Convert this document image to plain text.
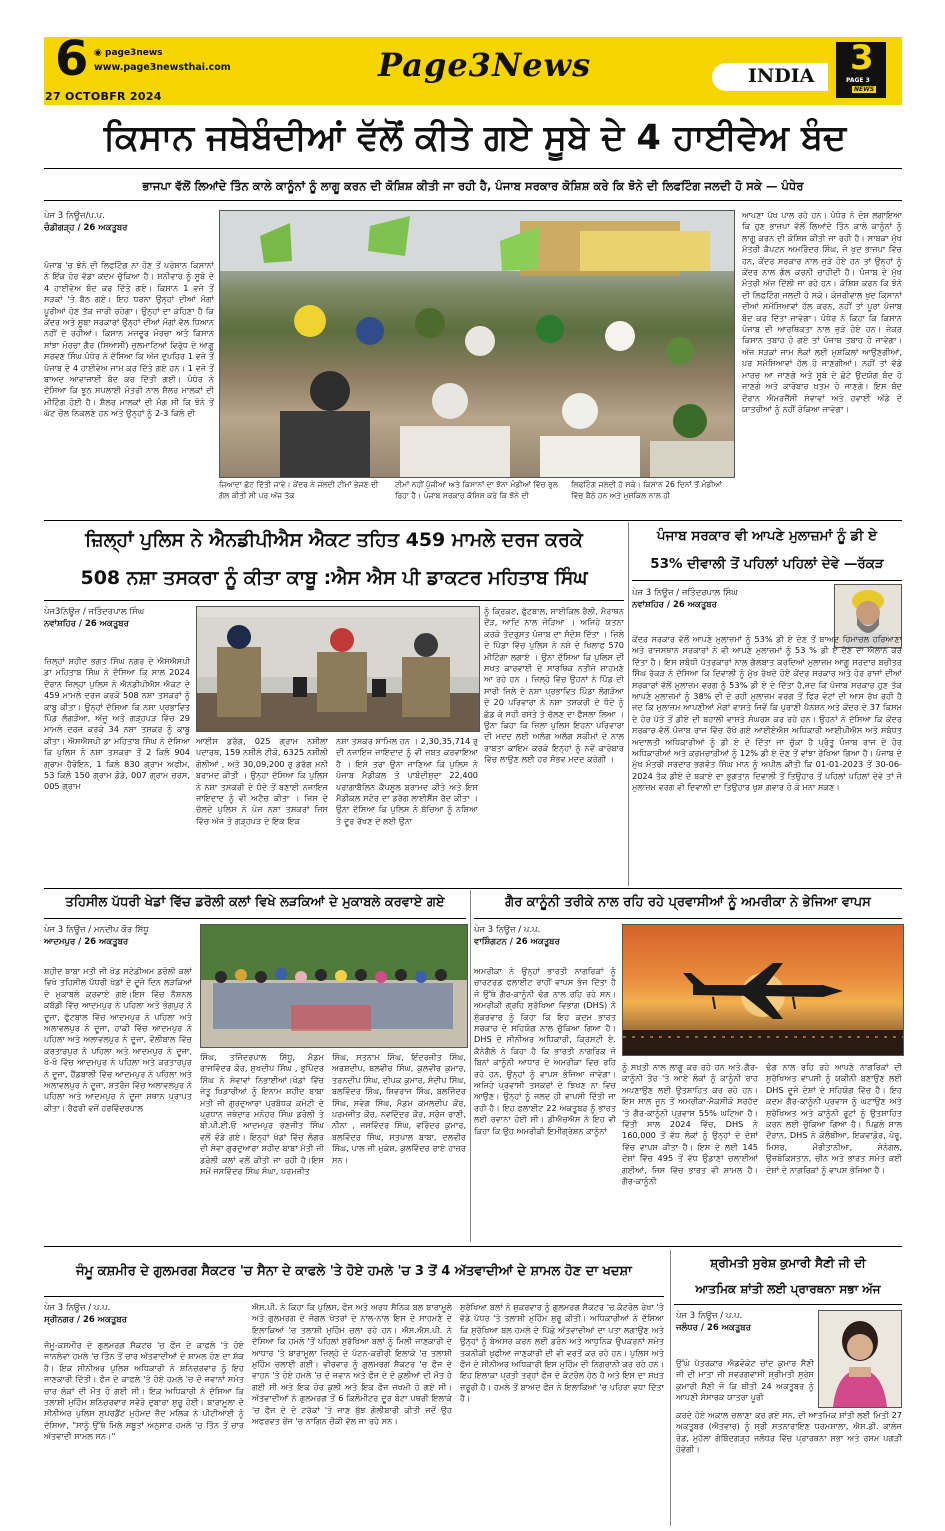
6 ◉ page3news
www.page3newsthai.com
27 OCTOBFR 2024
Page3News	INDIA 3
PAGE 3
NEWS
ਕਿਸਾਨ ਜਥੇਬੰਦੀਆਂ ਵੱਲੋਂ ਕੀਤੇ ਗਏ ਸੂਬੇ ਦੇ 4 ਹਾਈਵੇਅ ਬੰਦ
ਭਾਜਪਾ ਵੱਲੋਂ ਲਿਆਂਦੇ ਤਿੰਨ ਕਾਲੇ ਕਾਨੂੰਨਾਂ ਨੂੰ ਲਾਗੂ ਕਰਨ ਦੀ ਕੋਸ਼ਿਸ਼ ਕੀਤੀ ਜਾ ਰਹੀ ਹੈ, ਪੰਜਾਬ ਸਰਕਾਰ ਕੋਸ਼ਿਸ਼ ਕਰੇ ਕਿ ਝੋਨੇ ਦੀ ਲਿਫਟਿੰਗ ਜਲਦੀ ਹੋ ਸਕੇ — ਪੰਧੇਰ
ਪੇਜ 3 ਨਿਊਜ਼/ਪ.ਪ.
ਚੰਡੀਗੜ੍ਹ / 26 ਅਕਤੂਬਰ
ਪੰਜਾਬ 'ਚ ਝੋਨੇ ਦੀ ਲਿਫਟਿੰਗ ਨਾ ਹੋਣ ਤੋਂ ਪਰੇਸ਼ਾਨ ਕਿਸਾਨਾਂ ਨੇ ਇੱਕ ਹੋਰ ਵੱਡਾ ਕਦਮ ਚੁੱਕਿਆ ਹੈ। ਸ਼ਨੀਵਾਰ ਨੂੰ ਸੂਬੇ ਦੇ 4 ਹਾਈਵੇਅ ਬੰਦ ਕਰ ਦਿੱਤੇ ਗਏ। ਕਿਸਾਨ 1 ਵਜੇ ਤੋਂ ਸੜਕਾਂ 'ਤੇ ਬੈਠ ਗਏ। ਇਹ ਧਰਨਾ ਉਨ੍ਹਾਂ ਦੀਆਂ ਮੰਗਾਂ ਪੂਰੀਆਂ ਹੋਣ ਤੱਕ ਜਾਰੀ ਰਹੇਗਾ। ਉਨ੍ਹਾਂ ਦਾ ਕਹਿਣਾ ਹੈ ਕਿ ਕੇਂਦਰ ਅਤੇ ਸੂਬਾ ਸਰਕਾਰਾਂ ਉਨ੍ਹਾਂ ਦੀਆਂ ਮੰਗਾਂ ਵੱਲ ਧਿਆਨ ਨਹੀਂ ਦੇ ਰਹੀਆਂ। ਕਿਸਾਨ ਮਜ਼ਦੂਰ ਮੋਰਚਾ ਅਤੇ ਕਿਸਾਨ ਸਾਂਝਾ ਮੋਰਚਾ ਗੈਰ (ਸਿਆਸੀ) ਜ਼ੁਲਮਾਟਿਆਂ ਵਿਰੁੱਧ ਦੇ ਆਗੂ ਸਰਵਣ ਸਿੰਘ ਪੰਧੇਰ ਨੇ ਦੱਸਿਆ ਕਿ ਅੱਜ ਦੁਪਹਿਰ 1 ਵਜੇ ਤੋਂ ਪੰਜਾਬ ਦੇ 4 ਹਾਈਵੇਅ ਜਾਮ ਕਰ ਦਿੱਤੇ ਗਏ ਹਨ। 1 ਵਜੇ ਤੋਂ ਬਾਅਦ ਆਵਾਜਾਈ ਬੰਦ ਕਰ ਦਿੱਤੀ ਗਈ। ਪੰਧੇਰ ਨੇ ਦੱਸਿਆ ਕਿ ਝੂਠ ਸਪਲਾਈ ਮੰਤਰੀ ਨਾਲ ਸ਼ੈਲਰ ਮਾਲਕਾਂ ਦੀ ਮੀਟਿੰਗ ਹੋਈ ਹੈ। ਸ਼ੈਲਰ ਮਾਲਕਾਂ ਦੀ ਮੰਗ ਸੀ ਕਿ ਝੋਨੇ ਤੋਂ ਘੱਟ ਚੌਲ ਨਿਕਲਣੇ ਹਨ ਅਤੇ ਉਨ੍ਹਾਂ ਨੂੰ 2-3 ਕਿਲੋ ਦੀ
ਜ਼ਿਆਦਾ ਛੋਟ ਦਿੱਤੀ ਜਾਵੇ। ਕੇਂਦਰ ਨੇ ਜਲਦੀ ਟੀਮਾਂ ਭੇਜਣ ਦੀ ਗੱਲ ਕੀਤੀ ਸੀ ਪਰ ਅੱਜ ਤੱਕ
ਟੀਮਾਂ ਨਹੀਂ ਪੁੱਜੀਆਂ ਅਤੇ ਕਿਸਾਨਾਂ ਦਾ ਝੋਨਾ ਮੰਡੀਆਂ ਵਿੱਚ ਰੁਲ ਰਿਹਾ ਹੈ। ਪੰਜਾਬ ਸਰਕਾਰ ਕੋਸ਼ਿਸ਼ ਕਰੇ ਕਿ ਝੋਨੇ ਦੀ
ਲਿਫਟਿੰਗ ਜਲਦੀ ਹੋ ਸਕੇ। ਕਿਸਾਨ 26 ਦਿਨਾਂ ਤੋਂ ਮੰਡੀਆਂ ਵਿੱਚ ਬੈਠੇ ਹਨ ਅਤੇ ਮੁਸ਼ਕਿਲ ਨਾਲ ਹੀ
ਆਪਣਾ ਪੱਖ ਪਾਲ ਰਹੇ ਹਨ। ਪੰਧੇਰ ਨੇ ਦੋਸ਼ ਲਗਾਇਆ ਕਿ ਹੁਣ ਭਾਜਪਾ ਵੱਲੋਂ ਲਿਆਂਦੇ ਤਿੰਨ ਕਾਲੇ ਕਾਨੂੰਨਾਂ ਨੂੰ ਲਾਗੂ ਕਰਨ ਦੀ ਕੋਸ਼ਿਸ਼ ਕੀਤੀ ਜਾ ਰਹੀ ਹੈ। ਸਾਬਕਾ ਮੁੱਖ ਮੰਤਰੀ ਕੈਪਟਨ ਅਮਰਿੰਦਰ ਸਿੰਘ, ਜੋ ਖੁਦ ਭਾਜਪਾ ਵਿੱਚ ਹਨ, ਕੇਂਦਰ ਸਰਕਾਰ ਨਾਲ ਜੁੜੇ ਹੋਏ ਹਨ ਤਾਂ ਉਨ੍ਹਾਂ ਨੂੰ ਕੇਂਦਰ ਨਾਲ ਗੱਲ ਕਰਨੀ ਚਾਹੀਦੀ ਹੈ। ਪੰਜਾਬ ਦੇ ਮੁੱਖ ਮੰਤਰੀ ਅੱਜ ਦਿੱਲੀ ਜਾ ਰਹੇ ਹਨ। ਕੋਸ਼ਿਸ਼ ਕਰਨ ਕਿ ਝੋਨੇ ਦੀ ਲਿਫਟਿੰਗ ਜਲਦੀ ਹੋ ਸਕੇ। ਕੇਜਰੀਵਾਲ ਖੁਦ ਕਿਸਾਨਾਂ ਦੀਆਂ ਸਮੱਸਿਆਵਾਂ ਹੱਲ ਕਰਨ, ਨਹੀਂ ਤਾਂ ਪੂਰਾ ਪੰਜਾਬ ਬੰਦ ਕਰ ਦਿੱਤਾ ਜਾਵੇਗਾ। ਪੰਧੇਰ ਨੇ ਕਿਹਾ ਕਿ ਕਿਸਾਨ ਪੰਜਾਬ ਦੀ ਆਰਥਿਕਤਾ ਨਾਲ ਜੁੜੇ ਹੋਏ ਹਨ। ਜੇਕਰ ਕਿਸਾਨ ਤਬਾਹ ਹੋ ਗਏ ਤਾਂ ਪੰਜਾਬ ਤਬਾਹ ਹੋ ਜਾਵੇਗਾ। ਅੱਜ ਸੜਕਾਂ ਜਾਮ ਲੋਕਾਂ ਲਈ ਮੁਸ਼ਕਿਲਾਂ ਆਉਣਗੀਆਂ, ਪਰ ਸਮੱਸਿਆਵਾਂ ਹੱਲ ਹੋ ਜਾਣਗੀਆਂ। ਨਹੀਂ ਤਾਂ ਵੱਡੇ ਮਾਰਚ ਆ ਜਾਣਗੇ ਅਤੇ ਸੂਬੇ ਦੇ ਛੋਟੇ ਉਦਯੋਗ ਬੰਦ ਹੋ ਜਾਣਗੇ ਅਤੇ ਕਾਰੋਬਾਰ ਖ਼ਤਮ ਹੋ ਜਾਣਗੇ। ਇਸ ਬੰਦ ਦੌਰਾਨ ਐਮਰਜੈਂਸੀ ਸੇਵਾਵਾਂ ਅਤੇ ਹਵਾਈ ਅੱਡੇ ਦੇ ਯਾਤਰੀਆਂ ਨੂੰ ਨਹੀਂ ਰੋਕਿਆ ਜਾਵੇਗਾ।
ਜ਼ਿਲ੍ਹਾਂ ਪੁਲਿਸ ਨੇ ਐਨਡੀਪੀਐਸ ਐਕਟ ਤਹਿਤ 459 ਮਾਮਲੇ ਦਰਜ ਕਰਕੇ
508 ਨਸ਼ਾ ਤਸਕਰਾ ਨੂੰ ਕੀਤਾ ਕਾਬੂ :ਐਸ ਐਸ ਪੀ ਡਾਕਟਰ ਮਹਿਤਾਬ ਸਿੰਘ
ਪੇਜ3ਨਿਊਜ਼ / ਜਤਿੰਦਰਪਾਲ ਸਿੰਘ
ਨਵਾਂਸ਼ਹਿਰ / 26 ਅਕਤੂਬਰ
ਜ਼ਿਲ੍ਹਾਂ ਸ਼ਹੀਦ ਭਗਤ ਸਿੰਘ ਨਗਰ ਦੇ ਐਸਐਸਪੀ ਡਾ ਮਹਿਤਾਬ ਸਿੰਘ ਨੇ ਦੱਸਿਆ ਕਿ ਸਾਲ 2024 ਦੌਰਾਨ ਜ਼ਿਲ੍ਹਾ ਪੁਲਿਸ ਨੇ ਐਨਡੀਪੀਐਸ ਐਕਟ ਦੇ 459 ਮਾਮਲੇ ਦਰਜ ਕਰਕੇ 508 ਨਸ਼ਾ ਤਸਕਰਾਂ ਨੂੰ ਕਾਬੂ ਕੀਤਾ। ਉਨ੍ਹਾਂ ਦੱਸਿਆ ਕਿ ਨਸ਼ਾ ਪ੍ਰਭਾਵਿਤ ਪਿੰਡ ਲੰਗੜੋਆ, ਅੱਜੂ ਅਤੇ ਗੜ੍ਹਪੜ ਵਿੱਚ 29 ਮਾਮਲੇ ਦਰਜ ਕਰਕੇ 34 ਨਸ਼ਾ ਤਸਕਰ ਨੂੰ ਕਾਬੂ ਕੀਤਾ। ਐਸਐਸਪੀ ਡਾ ਮਹਿਤਾਬ ਸਿੰਘ ਨੇ ਦੱਸਿਆ ਕਿ ਪੁਲਿਸ ਨੇ ਨਸ਼ਾ ਤਸਕਰਾ ਤੋਂ 2 ਕਿਲੋ 904 ਗ੍ਰਾਮ ਹੈਰੋਇਨ, 1 ਕਿਲੋ 830 ਗ੍ਰਾਮ ਅਫੀਮ, 53 ਕਿਲੋ 150 ਗ੍ਰਾਮ ਡੋਡੇ, 007 ਗ੍ਰਾਮ ਚਰਸ, 005 ਗ੍ਰਾਮ
ਆਈਸ ਡਰੱਗ, 025 ਗ੍ਰਾਮ ਨਸ਼ੀਲਾ ਪਦਾਰਥ, 159 ਨਸ਼ੀਲੇ ਟੀਕੇ, 6325 ਨਸ਼ੀਲੀ ਗੋਲੀਆਂ , ਅਤੇ 30,09,200 ਰੁ ਡਰੱਗ ਮਨੀ ਬਰਾਮਦ ਕੀਤੀ । ਉਨ੍ਹਾ ਦੱਸਿਆ ਕਿ ਪੁਲਿਸ ਨੇ ਨਸ਼ਾ ਤਸਕਰੀ ਦੇ ਧੰਦੇ ਤੋਂ ਬਣਾਈ ਨਜਾਇਜ ਜਾਇਦਾਦ ਨੂੰ ਵੀ ਅਟੈਚ ਕੀਤਾ । ਜਿਸ ਦੇ ਚੱਲਦੇ ਪੁਲਿਸ ਨੇ ਪੇਜ ਨਸ਼ਾ ਤਸਕਰਾਂ ਜਿਸ ਵਿੱਚ ਅੱਜ ਤੋ ਗੜ੍ਹਪੜ ਦੇ ਇਕ ਇਕ
ਨਸ਼ਾ ਤਸਕਰ ਸ਼ਾਮਿਲ ਹਨ । 2,30,35,714 ਰੁ ਦੀ ਨਜਾਇਜ ਜਾਇਦਾਦ ਨੂੰ ਵੀ ਜ਼ਬਤ ਕਰਵਾਇਆ ਹੈ । ਇਸੇ ਤਰਾ ਉਨਾ ਜਾਣਿਆ ਕਿ ਪੁਲਿਸ ਨੇ ਪੰਜਾਬ ਮੈਡੀਕਲ ਤੋ ਪਾਬੰਦੀਸ਼ੁਦਾ 22,400 ਪਰਾਗਾਬੈਲਿਨ ਕੈਪਸੂਲ ਬਰਾਮਦ ਕੀਤੇ ਅਤੇ ਇਸ ਮੈਡੀਕਲ ਸਟੋਰ ਦਾ ਡਰੱਗ ਲਾਈਸੈਂਸ ਰੱਦ ਕੀਤਾ । ਉਨਾ ਦੱਸਿਆ ਕਿ ਪੁਲਿਸ ਨੇ ਬੱਚਿਆ ਨੂੰ ਨਸ਼ਿਆ ਤੋ ਦੂਰ ਰੱਖਣ ਦੇ ਲਈ ਉਨਾ
ਨੂੰ ਕ੍ਰਿਕਟ, ਫੁੱਟਬਾਲ, ਸਾਈਕਿਲ ਰੈਲੀ, ਮੈਰਾਥਨ ਦੌੜ, ਆਦਿ ਨਾਲ ਜੋੜਿਆ । ਅਜਿਹੇ ਯਤਨਾ ਕਰਕੇ ਤੰਦਰੁਸਤ ਪੰਜਾਬ ਦਾ ਸੰਦੇਸ਼ ਦਿੱਤਾ । ਜ਼ਿਲੇ ਦੇ ਪਿੰਡਾ ਵਿੱਚ ਪੁਲਿਸ ਨੇ ਨਸ਼ੇ ਦੇ ਖਿਲਾਫ 570 ਮੀਟਿੰਗਾ ਲਗਾਏ । ਉਨਾ ਦੱਸਿਆ ਕਿ ਪੁਲਿਸ ਦੀ ਸਖਤ ਕਾਰਵਾਈ ਦੇ ਸਾਰਥਿਕ ਨਤੀਜੇ ਸਾਹਮਣੇ ਆ ਰਹੇ ਹਨ । ਜ਼ਿਲ੍ਹੇ ਵਿੱਚ ਉਹਨਾਂ ਨੇ ਪਿੰਡ ਦੀ ਸਾਰੀ ਜ਼ਿਲੇ ਦੇ ਨਸ਼ਾ ਪ੍ਰਭਾਵਿਤ ਪਿੰਡਾ ਲੰਗੜੋਆ ਦੇ 20 ਪਰਿਵਾਰਾ ਨੇ ਨਸ਼ਾ ਤਸਕਰੀ ਦੇ ਧੰਦੇ ਨੂੰ ਛੱਡ ਕੇ ਸਹੀ ਰਸਤੇ ਤੇ ਚੱਲਣ ਦਾ ਫੈਸਲਾ ਲਿਆ । ਉਨਾ ਕਿਹਾ ਕਿ ਜ਼ਿਲਾ ਪੁਲਿਸ ਇਹਨਾ ਪਰਿਵਾਰਾ ਦੀ ਮਦਦ ਲਈ ਅਲੱਗ ਅਲੱਗ ਸਕੀਮਾਂ ਦੇ ਨਾਲ ਰਾਬਤਾ ਕਾਇਮ ਕਰਕੇ ਇਨ੍ਹਾਂ ਨੂੰ ਨਵੇਂ ਕਾਰੋਬਾਰ ਵਿੱਚ ਲਾਉਣ ਲਈ ਹਰ ਸੰਭਵ ਮਦਦ ਕਰੇਗੀ ।
ਪੰਜਾਬ ਸਰਕਾਰ ਵੀ ਆਪਣੇ ਮੁਲਾਜ਼ਮਾਂ ਨੂੰ ਡੀ ਏ
53% ਦੀਵਾਲੀ ਤੋਂ ਪਹਿਲਾਂ ਪਹਿਲਾਂ ਦੇਵੇ —ਰੱਕੜ
ਪੇਜ 3 ਨਿਊਜ਼ / ਜਤਿੰਦਰਪਾਲ ਸਿੰਘ
ਨਵਾਂਸ਼ਹਿਰ / 26 ਅਕਤੂਬਰ
ਕੇਂਦਰ ਸਰਕਾਰ ਵੱਲੋਂ ਆਪਣੇ ਮੁਲਾਜ਼ਮਾਂ ਨੂੰ 53% ਡੀ ਏ ਦੇਣ ਤੋਂ ਬਾਅਦ ਹਿਮਾਚਲ ਹਰਿਆਣਾ ਅਤੇ ਰਾਜਸਥਾਨ ਸਰਕਾਰਾਂ ਨੇ ਵੀ ਆਪਣੇ ਮੁਲਾਜ਼ਮਾਂ ਨੂੰ 53 % ਡੀ ਏ ਦੇਣ ਦਾ ਐਲਾਨ ਕਰ ਦਿੱਤਾ ਹੈ। ਇਸ ਸਬੰਧੀ ਪੱਤਰਕਾਰਾਂ ਨਾਲ ਗੱਲਬਾਤ ਕਰਦਿਆਂ ਮੁਲਾਜ਼ਮ ਆਗੂ ਸਰਦਾਰ ਬਚੀਤਰ ਸਿੰਘ ਰੱਕੜ ਨੇ ਦੱਸਿਆ ਕਿ ਦਿਵਾਲੀ ਨੂੰ ਮੁੱਖ ਰੱਖਦੇ ਹੋਏ ਕੇਂਦਰ ਸਰਕਾਰ ਅਤੇ ਹੋਰ ਰਾਜਾਂ ਦੀਆਂ ਸਰਕਾਰਾਂ ਵੱਲੋਂ ਮੁਲਾਜ਼ਮ ਵਰਗ ਨੂੰ 53% ਡੀ ਏ ਦੇ ਦਿੱਤਾ ਹੈ,ਜਦ ਕਿ ਪੰਜਾਬ ਸਰਕਾਰ ਹੁਣ ਤੱਕ ਆਪਣੇ ਮੁਲਾਜ਼ਮਾਂ ਨੂੰ 38% ਦੀ ਦੇ ਰਹੀ ਮੁਲਾਜ਼ਮ ਵਰਗ ਤੋਂ ਫਿਰ ਵੋਟਾਂ ਦੀ ਆਸ ਰੱਖ ਰਹੀ ਹੈ ਜਦ ਕਿ ਮੁਲਾਜ਼ਮ ਆਪਣੀਆਂ ਮੰਗਾਂ ਵਾਸਤੇ ਜਿਵੇਂ ਕਿ ਪੁਰਾਣੀ ਪੈਨਸ਼ਨ ਅਤੇ ਕੇਂਦਰ ਦੇ 37 ਕਿਸਮ ਦੇ ਹੋਰ ਪੱਤੇ ਤੋਂ ਡੀਏ ਦੀ ਬਹਾਲੀ ਵਾਸਤੇ ਸੰਘਰਸ਼ ਕਰ ਰਹੇ ਹਨ। ਉਹਨਾਂ ਨੇ ਦੱਸਿਆ ਕਿ ਕੇਂਦਰ ਸਰਕਾਰ ਵੱਲੋਂ ਪੰਜਾਬ ਰਾਜ ਵਿੱਚ ਰੱਖੇ ਗਏ ਆਈਏਐਸ ਅਧਿਕਾਰੀ ਆਈਪੀਐਸ ਅਤੇ ਸਬੰਧਤ ਅਦਾਲਤੀ ਅਧਿਕਾਰੀਆਂ ਨੂੰ ਡੀ ਏ ਦੇ ਦਿੱਤਾ ਜਾ ਚੁੱਕਾ ਹੈ ਪ੍ਰੰਤੂ ਪੰਜਾਬ ਰਾਜ ਦੇ ਹੋਰ ਅਧਿਕਾਰੀਆਂ ਅਤੇ ਕਰਮਚਾਰੀਆਂ ਨੂੰ 12% ਡੀ ਏ ਦੇਣ ਤੋਂ ਵਾਂਝਾ ਰੱਖਿਆ ਗਿਆ ਹੈ। ਪੰਜਾਬ ਦੇ ਮੁੱਖ ਮੰਤਰੀ ਸਰਦਾਰ ਭਗਵੰਤ ਸਿੰਘ ਮਾਨ ਨੂੰ ਅਪੀਲ ਕੀਤੀ ਕਿ 01-01-2023 ਤੋਂ 30-06-2024 ਤੱਕ ਡੀਏ ਦੇ ਬਕਾਏ ਦਾ ਭੁਗਤਾਨ ਦਿਵਾਲੀ ਤੋਂ ਤਿਉਹਾਰ ਤੋਂ ਪਹਿਲਾਂ ਪਹਿਲਾਂ ਦੇਵੇ ਤਾਂ ਜੋ ਮੁਲਾਜ਼ਮ ਵਰਗ ਵੀ ਦਿਵਾਲੀ ਦਾ ਤਿਉਹਾਰ ਖੁਸ਼ ਗਵਾਰ ਹੋ ਕੇ ਮਨਾ ਸਕਣ।
ਤਹਿਸੀਲ ਪੱਧਰੀ ਖੇਡਾਂ ਵਿੱਚ ਡਰੋਲੀ ਕਲਾਂ ਵਿਖੇ ਲੜਕਿਆਂ ਦੇ ਮੁਕਾਬਲੇ ਕਰਵਾਏ ਗਏ
ਪੇਜ 3 ਨਿਊਜ਼ / ਮਨਦੀਪ ਕੌਰ ਸਿੱਧੂ
ਆਦਮਪੁਰ / 26 ਅਕਤੂਬਰ
ਸ਼ਹੀਦ ਬਾਬਾ ਮਤੀ ਜੀ ਖੇਡ ਸਟੇਡੀਅਮ ਡਰੋਲੀ ਕਲਾਂ ਵਿਖੇ ਤਹਿਸੀਲ ਪੱਧਰੀ ਖੇਡਾਂ ਦੇ ਦੂਜੇ ਦਿਨ ਲੜਕਿਆਂ ਦੇ ਮੁਕਾਬਲੇ ਕਰਵਾਏ ਗਏ।ਇਸ ਵਿੱਚ ਨੈਸ਼ਨਲ ਕਬੱਡੀ ਵਿੱਚ ਆਦਮਪੁਰ ਨੇ ਪਹਿਲਾ ਅਤੇ ਭੋਗਪੁਰ ਨੇ ਦੂਜਾ, ਫੁੱਟਬਾਲ ਵਿੱਚ ਆਦਮਪੁਰ ਨੇ ਪਹਿਲਾ ਅਤੇ ਅਲਾਵਲਪੁਰ ਨੇ ਦੂਜਾ, ਹਾਕੀ ਵਿੱਚ ਆਦਮਪੁਰ ਨੇ ਪਹਿਲਾ ਅਤੇ ਅਲਾਵਲਪੁਰ ਨੇ ਦੂਜਾ, ਵੌਲੀਬਾਲ ਵਿੱਚ ਕਰਤਾਰਪੁਰ ਨੇ ਪਹਿਲਾ ਅਤੇ ਆਦਮਪੁਰ ਨੇ ਦੂਜਾ, ਖੋ-ਖੋ ਵਿੱਚ ਆਦਮਪੁਰ ਨੇ ਪਹਿਲਾ ਅਤੇ ਕਰਤਾਰਪੁਰ ਨੇ ਦੂਜਾ, ਹੈਂਡਬਾਲੀ ਵਿੱਚ ਆਦਮਪੁਰ ਨੇ ਪਹਿਲਾ ਅਤੇ ਅਲਾਵਲਪੁਰ ਨੇ ਦੂਜਾ, ਸ਼ਤਰੰਜ ਵਿੱਚ ਅਲਾਵਲਪੁਰ ਨੇ ਪਹਿਲਾ ਅਤੇ ਆਦਮਪੁਰ ਨੇ ਦੂਜਾ ਸਥਾਨ ਪ੍ਰਾਪਤ ਕੀਤਾ। ਰੈਫਰੀ ਵਜੋਂ ਹਰਵਿੰਦਰਪਾਲ
ਸਿੰਘ, ਤਜਿੰਦਰਪਾਲ ਸਿੱਧੂ, ਮੈਡਮ ਰਾਜਵਿੰਦਰ ਕੌਰ, ਸੁਖਦੀਪ ਸਿੰਘ , ਭੁਪਿੰਦਰ ਸਿੰਘ ਨੇ ਸੇਵਾਵਾਂ ਨਿਭਾਈਆਂ।ਖੇਡਾਂ ਵਿੱਚ ਜੇਤੂ ਖਿਡਾਰੀਆਂ ਨੂੰ ਇਨਾਮ ਸ਼ਹੀਦ ਬਾਬਾ ਮਤੀ ਜੀ ਗੁਰਦੁਆਰਾ ਪ੍ਰਬੰਧਕ ਕਮੇਟੀ ਦੇ ਪ੍ਰਧਾਨ ਜਥੇਦਾਰ ਮਨੋਹਰ ਸਿੰਘ ਡਰੋਲੀ ਤੇ ਬੀ.ਪੀ.ਈ.ਓ ਆਦਮਪੁਰ ਰਣਜੀਤ ਸਿੰਘ ਵਲੋਂ ਵੰਡੇ ਗਏ। ਇਨ੍ਹਾਂ ਖੇਡਾਂ ਵਿੱਚ ਲੰਗਰ ਦੀ ਸੇਵਾ ਗੁਰਦੁਆਰਾ ਸ਼ਹੀਦ ਬਾਬਾ ਮੱਤੀ ਜੀ ਡਰੋਲੀ ਕਲਾਂ ਵਲੋਂ ਕੀਤੀ ਜਾ ਰਹੀ ਹੈ।ਇਸ ਸਮੇਂ ਜਸਵਿੰਦਰ ਸਿੰਘ ਸੰਘਾ, ਪਰਮਜੀਤ
ਸਿੰਘ, ਸਤਨਾਮ ਸਿੰਘ, ਇੰਦਰਜੀਤ ਸਿੰਘ, ਅਰਸ਼ਦੀਪ, ਬਲਵੀਰ ਸਿੰਘ, ਕੁਲਵੀਰ ਕੁਮਾਰ, ਤਰਨਦੀਪ ਸਿੰਘ, ਦੀਪਕ ਕੁਮਾਰ, ਸੰਦੀਪ ਸਿੰਘ, ਬਲਵਿੰਦਰ ਸਿੰਘ, ਸ਼ਿਵਰਾਜ ਸਿੰਘ, ਬਲਜਿੰਦਰ ਸਿੰਘ, ਸਵੇਗ ਸਿੰਘ, ਮੈਡਮ ਕਮਲਦੀਪ ਕੌਰ, ਪਰਮਜੀਤ ਕੌਰ, ਨਵਦਿੰਦਰ ਕੌਰ, ਸਰੋਜ ਰਾਣੀ, ਨੀਨਾ , ਜਸਵਿੰਦਰ ਸਿੰਘ, ਵਰਿੰਦਰ ਕੁਮਾਰ, ਬਲਵਿੰਦਰ ਸਿੰਘ, ਸਤਪਾਲ ਬਾਬਾ, ਦਲਵੀਰ ਸਿੰਘ, ਪਾਲ ਜੀ ਮੁਕੇਸ਼, ਕੁਲਵਿੰਦਰ ਰਾਏ ਹਾਜ਼ਰ ਸਨ।
ਗੈਰ ਕਾਨੂੰਨੀ ਤਰੀਕੇ ਨਾਲ ਰਹਿ ਰਹੇ ਪ੍ਰਵਾਸੀਆਂ ਨੂੰ ਅਮਰੀਕਾ ਨੇ ਭੇਜਿਆ ਵਾਪਸ
ਪੇਜ 3 ਨਿਊਜ਼ / ਪ.ਪ.
ਵਾਸ਼ਿੰਗਟਨ / 26 ਅਕਤੂਬਰ
ਅਮਰੀਕਾ ਨੇ ਉਨ੍ਹਾਂ ਭਾਰਤੀ ਨਾਗਰਿਕਾਂ ਨੂੰ ਚਾਰਟਰਡ ਫਲਾਈਟ ਰਾਹੀਂ ਵਾਪਸ ਭੇਜ ਦਿੱਤਾ ਹੈ ਜੋ ਉੱਥੇ ਗੈਰ-ਕਾਨੂੰਨੀ ਢੰਗ ਨਾਲ ਰਹਿ ਰਹੇ ਸਨ। ਅਮਰੀਕੀ ਗ੍ਰਹਿ ਸੁਰੱਖਿਆ ਵਿਭਾਗ (DHS) ਨੇ ਸ਼ੁੱਕਰਵਾਰ ਨੂੰ ਕਿਹਾ ਕਿ ਇਹ ਕਦਮ ਭਾਰਤ ਸਰਕਾਰ ਦੇ ਸਹਿਯੋਗ ਨਾਲ ਚੁੱਕਿਆ ਗਿਆ ਹੈ। DHS ਦੇ ਸੀਨੀਅਰ ਅਧਿਕਾਰੀ, ਕ੍ਰਿਸਟੀ ਏ. ਕੈਨੇਗੈਲੋ ਨੇ ਕਿਹਾ ਹੈ ਕਿ ਭਾਰਤੀ ਨਾਗਰਿਕ ਜੋ ਬਿਨਾਂ ਕਾਨੂੰਨੀ ਆਧਾਰ ਦੇ ਅਮਰੀਕਾ ਵਿਚ ਰਹਿ ਰਹੇ ਹਨ, ਉਨ੍ਹਾਂ ਨੂੰ ਵਾਪਸ ਭੇਜਿਆ ਜਾਵੇਗਾ। ਅਜਿਹੇ ਪ੍ਰਵਾਸੀ ਤਸਕਰਾਂ ਦੇ ਝਿਖਣ ਨਾ ਵਿਚ ਆਉਣ। ਉਨ੍ਹਾਂ ਨੂੰ ਜਲਦ ਹੀ ਵਾਪਸੀ ਦਿੱਤੀ ਜਾ ਰਹੀ ਹੈ। ਇਹ ਫਲਾਈਟ 22 ਅਕਤੂਬਰ ਨੂੰ ਭਾਰਤ ਲਈ ਰਵਾਨਾ ਹੋਈ ਸੀ। ਡੀਐਚਐਸ ਨੇ ਇਹ ਵੀ ਕਿਹਾ ਕਿ ਉਹ ਅਮਰੀਕੀ ਇਮੀਗ੍ਰੇਸ਼ਨ ਕਾਨੂੰਨਾਂ
ਨੂੰ ਸਖ਼ਤੀ ਨਾਲ ਲਾਗੂ ਕਰ ਰਹੇ ਹਨ ਅਤੇ ਗੈਰ-ਕਾਨੂੰਨੀ ਤੌਰ 'ਤੇ ਆਏ ਲੋਕਾਂ ਨੂੰ ਕਾਨੂੰਨੀ ਰਾਹ ਅਪਣਾਉਣ ਲਈ ਉਤਸ਼ਾਹਿਤ ਕਰ ਰਹੇ ਹਨ। ਇਸ ਸਾਲ ਜੂਨ ਤੋਂ ਅਮਰੀਕਾ-ਮੈਕਸੀਕੋ ਸਰਹੱਦ 'ਤੇ ਗੈਰ-ਕਾਨੂੰਨੀ ਪ੍ਰਵਾਸ 55% ਘਟਿਆ ਹੈ। ਵਿੱਤੀ ਸਾਲ 2024 ਵਿੱਚ, DHS ਨੇ 160,000 ਤੋਂ ਵੱਧ ਲੋਕਾਂ ਨੂੰ ਉਨ੍ਹਾਂ ਦੇ ਦੇਸ਼ਾਂ ਵਿੱਚ ਵਾਪਸ ਕੀਤਾ ਹੈ। ਇਸ ਦੇ ਲਈ 145 ਦੇਸ਼ਾਂ ਵਿੱਚ 495 ਤੋਂ ਵੱਧ ਉਡਾਣਾਂ ਚਲਾਈਆਂ ਗਈਆਂ, ਜਿਸ ਵਿੱਚ ਭਾਰਤ ਵੀ ਸ਼ਾਮਲ ਹੈ। ਗੈਰ-ਕਾਨੂੰਨੀ
ਢੰਗ ਨਾਲ ਰਹਿ ਰਹੇ ਆਪਣੇ ਨਾਗਰਿਕਾਂ ਦੀ ਸੁਰੱਖਿਅਤ ਵਾਪਸੀ ਨੂੰ ਯਕੀਨੀ ਬਣਾਉਣ ਲਈ DHS ਦੂਜੇ ਦੇਸ਼ਾਂ ਦੇ ਸਹਿਯੋਗ ਵਿੱਚ ਹੈ। ਇਹ ਕਦਮ ਗੈਰ-ਕਾਨੂੰਨੀ ਪ੍ਰਵਾਸ ਨੂੰ ਘਟਾਉਣ ਅਤੇ ਸੁਰੱਖਿਅਤ ਅਤੇ ਕਾਨੂੰਨੀ ਰੂਟਾਂ ਨੂੰ ਉਤਸ਼ਾਹਿਤ ਕਰਨ ਲਈ ਚੁੱਕਿਆ ਗਿਆ ਹੈ। ਪਿਛਲੇ ਸਾਲ ਦੌਰਾਨ, DHS ਨੇ ਕੋਲੰਬੀਆ, ਇਕਵਾਡੋਰ, ਪੇਰੂ, ਮਿਸਰ, ਮੌਰੀਤਾਨੀਆ, ਸੇਨੇਗਲ, ਉਜ਼ਬੇਕਿਸਤਾਨ, ਚੀਨ ਅਤੇ ਭਾਰਤ ਸਮੇਤ ਕਈ ਦੇਸ਼ਾਂ ਦੇ ਨਾਗਰਿਕਾਂ ਨੂੰ ਵਾਪਸ ਭੇਜਿਆ ਹੈ।
ਜੰਮੂ ਕਸ਼ਮੀਰ ਦੇ ਗੁਲਮਰਗ ਸੈਕਟਰ 'ਚ ਸੈਨਾ ਦੇ ਕਾਫਲੇ 'ਤੇ ਹੋਏ ਹਮਲੇ 'ਚ 3 ਤੋਂ 4 ਅੱਤਵਾਦੀਆਂ ਦੇ ਸ਼ਾਮਲ ਹੋਣ ਦਾ ਖਦਸ਼ਾ
ਪੇਜ 3 ਨਿਊਜ਼ / ਪ.ਪ.
ਸ੍ਰੀਨਗਰ / 26 ਅਕਤੂਬਰ
ਜੰਮੂ-ਕਸ਼ਮੀਰ ਦੇ ਗੁਲਮਰਗ ਸੈਕਟਰ 'ਚ ਫੌਜ ਦੇ ਕਾਫਲੇ 'ਤੇ ਹੋਏ ਜਾਨਲੇਵਾ ਹਮਲੇ 'ਚ ਤਿੰਨ ਤੋਂ ਚਾਰ ਅੱਤਵਾਦੀਆਂ ਦੇ ਸ਼ਾਮਲ ਹੋਣ ਦਾ ਸ਼ੱਕ ਹੈ। ਇਕ ਸੀਨੀਅਰ ਪੁਲਿਸ ਅਧਿਕਾਰੀ ਨੇ ਸ਼ਨਿਚਰਵਾਰ ਨੂੰ ਇਹ ਜਾਣਕਾਰੀ ਦਿੱਤੀ। ਫੌਜ ਦੇ ਕਾਫਲੇ 'ਤੇ ਹੋਏ ਹਮਲੇ 'ਚ ਦੋ ਜਵਾਨਾਂ ਸਮੇਤ ਚਾਰ ਲੋਕਾਂ ਦੀ ਮੌਤ ਹੋ ਗਈ ਸੀ। ਇਕ ਅਧਿਕਾਰੀ ਨੇ ਦੱਸਿਆ ਕਿ ਤਲਾਸ਼ੀ ਮੁਹਿੰਮ ਸ਼ਨਿਚਰਵਾਰ ਸਵੇਰੇ ਦੁਬਾਰਾ ਸ਼ੁਰੂ ਹੋਈ। ਬਾਰਾਮੂਲਾ ਦੇ ਸੀਨੀਅਰ ਪੁਲਿਸ ਸੁਪਰਡੈਂਟ ਮੁਹੰਮਦ ਜ਼ੈਦ ਮਲਿਕ ਨੇ ਪੀਟੀਆਈ ਨੂੰ ਦੱਸਿਆ, "ਸਾਨੂੰ ਉੱਥੇ ਮਿਲੇ ਸਬੂਤਾਂ ਅਨੁਸਾਰ ਹਮਲੇ 'ਚ ਤਿੰਨ ਤੋਂ ਚਾਰ ਅੱਤਵਾਦੀ ਸ਼ਾਮਲ ਸਨ।"
ਐਸ.ਪੀ. ਨੇ ਕਿਹਾ ਕਿ ਪੁਲਿਸ, ਫੌਜ ਅਤੇ ਅਰਧ ਸੈਨਿਕ ਬਲ ਬਾਰਾਮੂਲੇ ਅਤੇ ਗੁਲਮਰਗ ਦੇ ਜੰਗਲ ਖੇਤਰਾਂ ਦੇ ਨਾਲ-ਨਾਲ ਇਸ ਦੇ ਸਾਹਮਣੇ ਦੇ ਇਲਾਕਿਆਂ 'ਚ ਤਲਾਸ਼ੀ ਮੁਹਿੰਮ ਚਲਾ ਰਹੇ ਹਨ। ਐਸ.ਐਸ.ਪੀ. ਨੇ ਦੱਸਿਆ ਕਿ ਹਮਲੇ 'ਤੋਂ ਪਹਿਲਾਂ ਸੁਰੱਖਿਆ ਬਲਾਂ ਨੂੰ ਮਿਲੀ ਜਾਣਕਾਰੀ ਦੇ ਆਧਾਰ 'ਤੇ ਬਾਰਾਮੂਲਾ ਜ਼ਿਲ੍ਹੇ ਦੇ ਪੱਟਨ-ਕਰੀਰੀ ਇਲਾਕੇ 'ਚ ਤਲਾਸ਼ੀ ਮੁਹਿੰਮ ਚਲਾਈ ਗਈ। ਵੀਰਵਾਰ ਨੂੰ ਗੁਲਮਰਗ ਸੈਕਟਰ 'ਚ ਫੌਜ ਦੇ ਵਾਹਨ 'ਤੇ ਹੋਏ ਹਮਲੇ 'ਚ ਦੋ ਜਵਾਨ ਅਤੇ ਫੌਜ ਦੇ ਦੋ ਕੁਲੀਆਂ ਦੀ ਮੌਤ ਹੋ ਗਈ ਸੀ ਅਤੇ ਇਕ ਹੋਰ ਕੁਲੀ ਅਤੇ ਇਕ ਫੌਜ ਜ਼ਖਮੀ ਹੋ ਗਏ ਸੀ। ਅੱਤਵਾਦੀਆਂ ਨੇ ਗੁਲਮਰਗ ਤੋਂ 6 ਕਿਲੋਮੀਟਰ ਦੂਰ ਬੋਟਾ ਪਥਰੀ ਇਲਾਕੇ 'ਚ ਫੌਜ ਦੇ ਦੋ ਟਰੱਕਾਂ 'ਤੇ ਜਾਣ ਬੁੱਝ ਗੋਲੀਬਾਰੀ ਕੀਤੀ ਜਦੋਂ ਉਹ ਅਫਰਵਤ ਰੇਂਜ 'ਚ ਨਾਗਿਨ ਚੌਕੀ ਵੱਲ ਜਾ ਰਹੇ ਸਨ।
ਸੁਰੱਖਿਆ ਬਲਾਂ ਨੇ ਸ਼ੁਕਰਵਾਰ ਨੂੰ ਗੁਲਮਰਗ ਸੈਕਟਰ 'ਚ ਕੰਟਰੋਲ ਰੇਖਾ 'ਤੇ ਵੱਡੇ ਪੱਧਰ 'ਤੇ ਤਲਾਸ਼ੀ ਮੁਹਿੰਮ ਸ਼ੁਰੂ ਕੀਤੀ। ਅਧਿਕਾਰੀਆਂ ਨੇ ਦੱਸਿਆ ਕਿ ਸੁਰੱਖਿਆ ਬਲ ਹਮਲੇ ਦੇ ਪਿੱਛੇ ਅੱਤਵਾਦੀਆਂ ਦਾ ਪਤਾ ਲਗਾਉਣ ਅਤੇ ਉਨ੍ਹਾਂ ਨੂੰ ਬੇਅਸਰ ਕਰਨ ਲਈ ਡਰੋਨ ਅਤੇ ਆਧੁਨਿਕ ਉਪਕਰਨਾਂ ਸਮੇਤ ਤਕਨੀਕੀ ਖੁਫੀਆ ਜਾਣਕਾਰੀ ਦੀ ਵੀ ਵਰਤੋਂ ਕਰ ਰਹੇ ਹਨ। ਪੁਲਿਸ ਅਤੇ ਫੌਜ ਦੇ ਸੀਨੀਅਰ ਅਧਿਕਾਰੀ ਇਸ ਮੁਹਿੰਮ ਦੀ ਨਿਗਰਾਨੀ ਕਰ ਰਹੇ ਹਨ। ਇਹ ਇਲਾਕਾ ਪ੍ਰਤੀ ਤਰ੍ਹਾਂ ਫੌਜ ਦੇ ਕੰਟਰੋਲ ਹੇਠ ਹੈ ਅਤੇ ਇਸ ਦਾ ਸਖ਼ਤ ਜ਼ਰੂਰੀ ਹੈ। ਹਮਲੇ ਤੋਂ ਬਾਅਦ ਫੌਜ ਨੇ ਇਲਾਕਿਆਂ 'ਚ ਪਹਿਰਾ ਵਧਾ ਦਿੱਤਾ ਹੈ।
ਸ਼੍ਰੀਮਤੀ ਸੁਰੇਸ਼ ਕੁਮਾਰੀ ਸੈਣੀ ਜੀ ਦੀ
ਆਤਮਿਕ ਸ਼ਾਂਤੀ ਲਈ ਪ੍ਰਾਰਥਨਾ ਸਭਾ ਅੱਜ
ਪੇਜ 3 ਨਿਊਜ਼ / ਪ.ਪ.
ਜਲੰਧਰ / 26 ਅਕਤੂਬਰ
ਉੱਘੇ ਪੱਤਰਕਾਰ ਐਡਵੋਕੇਟ ਚਾਂਦ ਕੁਮਾਰ ਸੈਣੀ ਜੀ ਦੀ ਮਾਤਾ ਜੀ ਸਵਰਗਵਾਸੀ ਸ਼੍ਰੀਮਤੀ ਸੁਰੇਸ਼ ਕੁਮਾਰੀ ਸੈਣੀ ਜੋ ਕਿ ਬੀਤੀ 24 ਅਕਤੂਬਰ ਨੂੰ ਆਪਣੀ ਸੰਸਾਰਕ ਯਾਤਰਾ ਪੂਰੀ
ਕਰਦੇ ਹੋਏ ਅਕਾਲ ਚਲਾਣਾ ਕਰ ਗਏ ਸਨ, ਦੀ ਆਤਮਿਕ ਸ਼ਾਂਤੀ ਲਈ ਮਿਤੀ 27 ਅਕਤੂਬਰ (ਐਤਵਾਰ) ਨੂੰ ਸ੍ਰੀ ਸਤਨਾਰਾਇਣ ਧਰਮਸ਼ਾਲਾ, ਐਸ.ਡੀ. ਕਾਲੇਜ ਰੋਡ, ਮੁਹੱਲਾ ਗੋਬਿੰਦਗੜ੍ਹ ਜਲੰਧਰ ਵਿੱਚ ਪ੍ਰਾਰਥਨਾ ਸਭਾ ਅਤੇ ਰਸਮ ਪਗੜੀ ਹੋਵੇਗੀ।
